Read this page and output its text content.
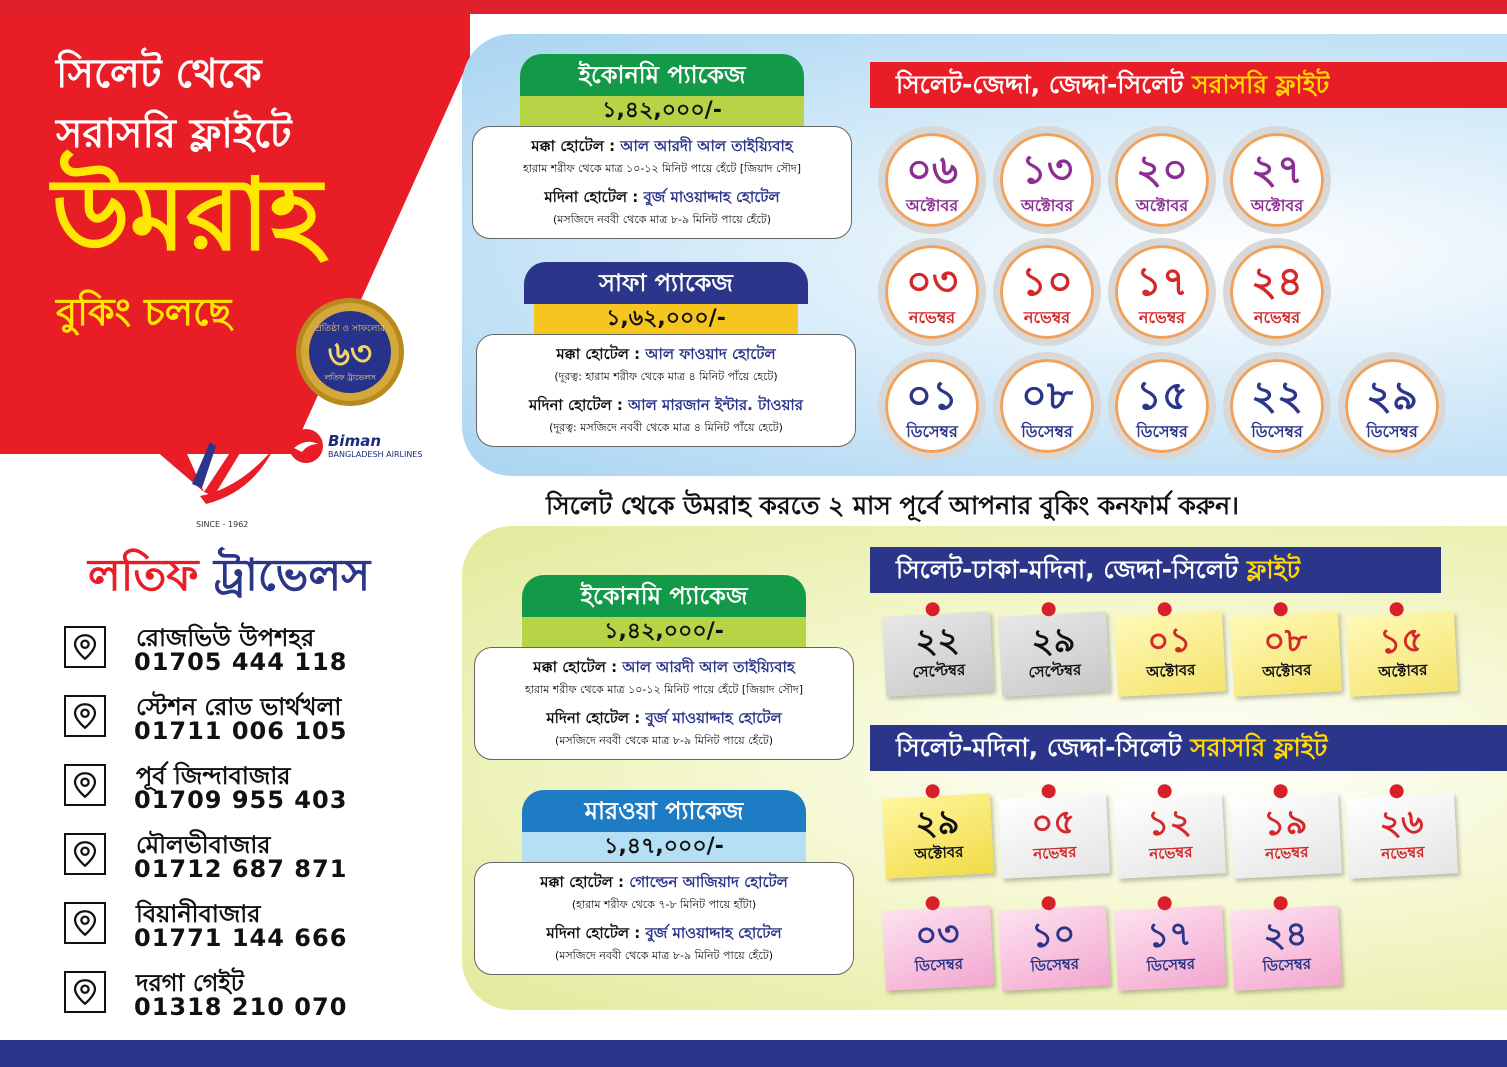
সিলেট থেকে
সরাসরি ফ্লাইটে
উমরাহ
বুকিং চলছে	প্রতিষ্ঠা ও সাফল্যের
৬৩
লতিফ ট্রাভেলস
SINCE - 1962
Biman
BANGLADESH AIRLINES
লতিফ ট্রাভেলস
রোজভিউ উপশহর
01705 444 118
স্টেশন রোড ভার্থখলা
01711 006 105
পূর্ব জিন্দাবাজার
01709 955 403
মৌলভীবাজার
01712 687 871
বিয়ানীবাজার
01771 144 666
দরগা গেইট
01318 210 070
সিলেট থেকে উমরাহ করতে ২ মাস পূর্বে আপনার বুকিং কনফার্ম করুন।
ইকোনমি প্যাকেজ
১,৪২,০০০/-
মক্কা হোটেল : আল আরদী আল তাইয়্যিবাহ
হারাম শরীফ থেকে মাত্র ১০-১২ মিনিট পায়ে হেঁটে [জিয়াদ সৌদ]
মদিনা হোটেল : বুর্জ মাওয়াদ্দাহ হোটেল
(মসজিদে নববী থেকে মাত্র ৮-৯ মিনিট পায়ে হেঁটে)
সাফা প্যাকেজ
১,৬২,০০০/-
মক্কা হোটেল : আল ফাওয়াদ হোটেল
(দূরত্ব: হারাম শরীফ থেকে মাত্র ৪ মিনিট পাঁয়ে হেটে)
মদিনা হোটেল : আল মারজান ইন্টার. টাওয়ার
(দূরত্ব: মসজিদে নববী থেকে মাত্র ৪ মিনিট পাঁয়ে হেটে)
ইকোনমি প্যাকেজ
১,৪২,০০০/-
মক্কা হোটেল : আল আরদী আল তাইয়্যিবাহ
হারাম শরীফ থেকে মাত্র ১০-১২ মিনিট পায়ে হেঁটে [জিয়াদ সৌদ]
মদিনা হোটেল : বুর্জ মাওয়াদ্দাহ হোটেল
(মসজিদে নববী থেকে মাত্র ৮-৯ মিনিট পায়ে হেঁটে)
মারওয়া প্যাকেজ
১,৪৭,০০০/-
মক্কা হোটেল : গোল্ডেন আজিয়াদ হোটেল
(হারাম শরীফ থেকে ৭-৮ মিনিট পায়ে হাঁটা)
মদিনা হোটেল : বুর্জ মাওয়াদ্দাহ হোটেল
(মসজিদে নববী থেকে মাত্র ৮-৯ মিনিট পায়ে হেঁটে)
সিলেট-জেদ্দা, জেদ্দা-সিলেট সরাসরি ফ্লাইট
সিলেট-ঢাকা-মদিনা, জেদ্দা-সিলেট ফ্লাইট
সিলেট-মদিনা, জেদ্দা-সিলেট সরাসরি ফ্লাইট
০৬
অক্টোবর
১৩
অক্টোবর
২০
অক্টোবর
২৭
অক্টোবর
০৩
নভেম্বর
১০
নভেম্বর
১৭
নভেম্বর
২৪
নভেম্বর
০১
ডিসেম্বর
০৮
ডিসেম্বর
১৫
ডিসেম্বর
২২
ডিসেম্বর
২৯
ডিসেম্বর
২২
সেপ্টেম্বর
২৯
সেপ্টেম্বর
০১
অক্টোবর
০৮
অক্টোবর
১৫
অক্টোবর
২৯
অক্টোবর
০৫
নভেম্বর
১২
নভেম্বর
১৯
নভেম্বর
২৬
নভেম্বর
০৩
ডিসেম্বর
১০
ডিসেম্বর
১৭
ডিসেম্বর
২৪
ডিসেম্বর
